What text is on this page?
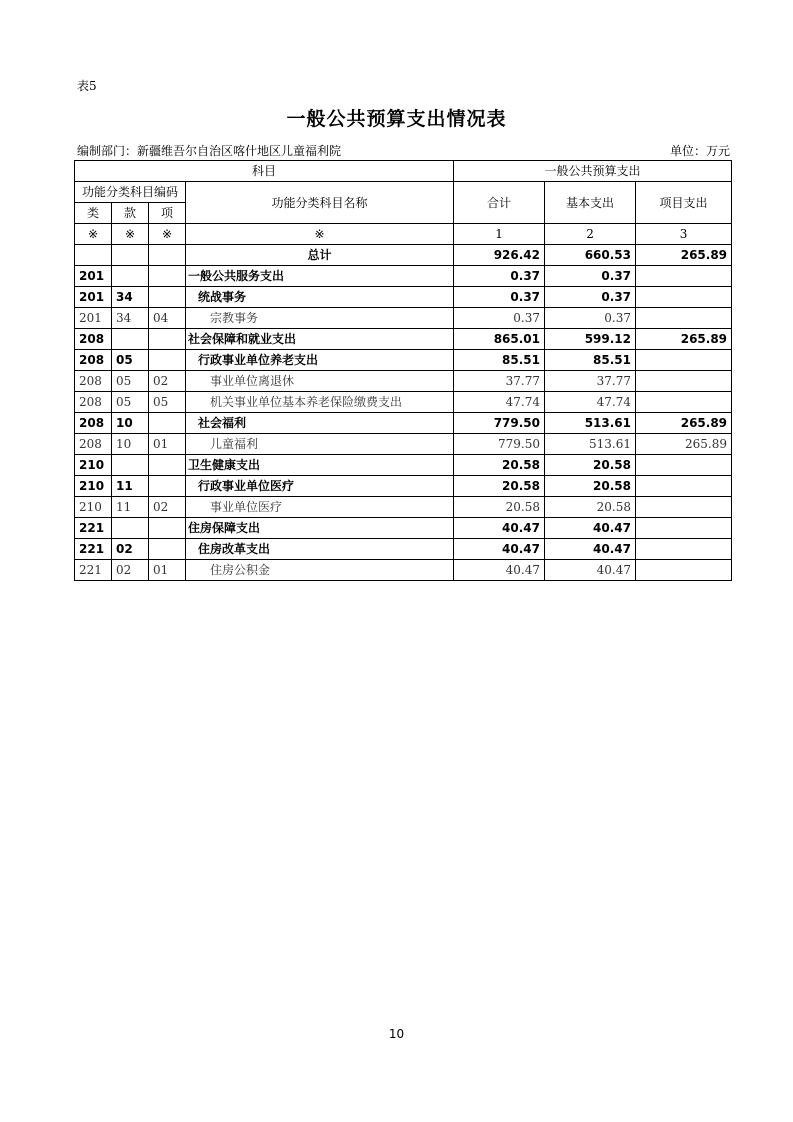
表5
一般公共预算支出情况表
编制部门：新疆维吾尔自治区喀什地区儿童福利院	单位：万元
科目				一般公共预算支出		
功能分类科目编码			功能分类科目名称	合计	基本支出	项目支出
类	款	项				
※	※	※	※	1	2	3
			总计	926.42	660.53	265.89
201			一般公共服务支出	0.37	0.37	
201	34		统战事务	0.37	0.37	
201	34	04	宗教事务	0.37	0.37	
208			社会保障和就业支出	865.01	599.12	265.89
208	05		行政事业单位养老支出	85.51	85.51	
208	05	02	事业单位离退休	37.77	37.77	
208	05	05	机关事业单位基本养老保险缴费支出	47.74	47.74	
208	10		社会福利	779.50	513.61	265.89
208	10	01	儿童福利	779.50	513.61	265.89
210			卫生健康支出	20.58	20.58	
210	11		行政事业单位医疗	20.58	20.58	
210	11	02	事业单位医疗	20.58	20.58	
221			住房保障支出	40.47	40.47	
221	02		住房改革支出	40.47	40.47	
221	02	01	住房公积金	40.47	40.47	
10
